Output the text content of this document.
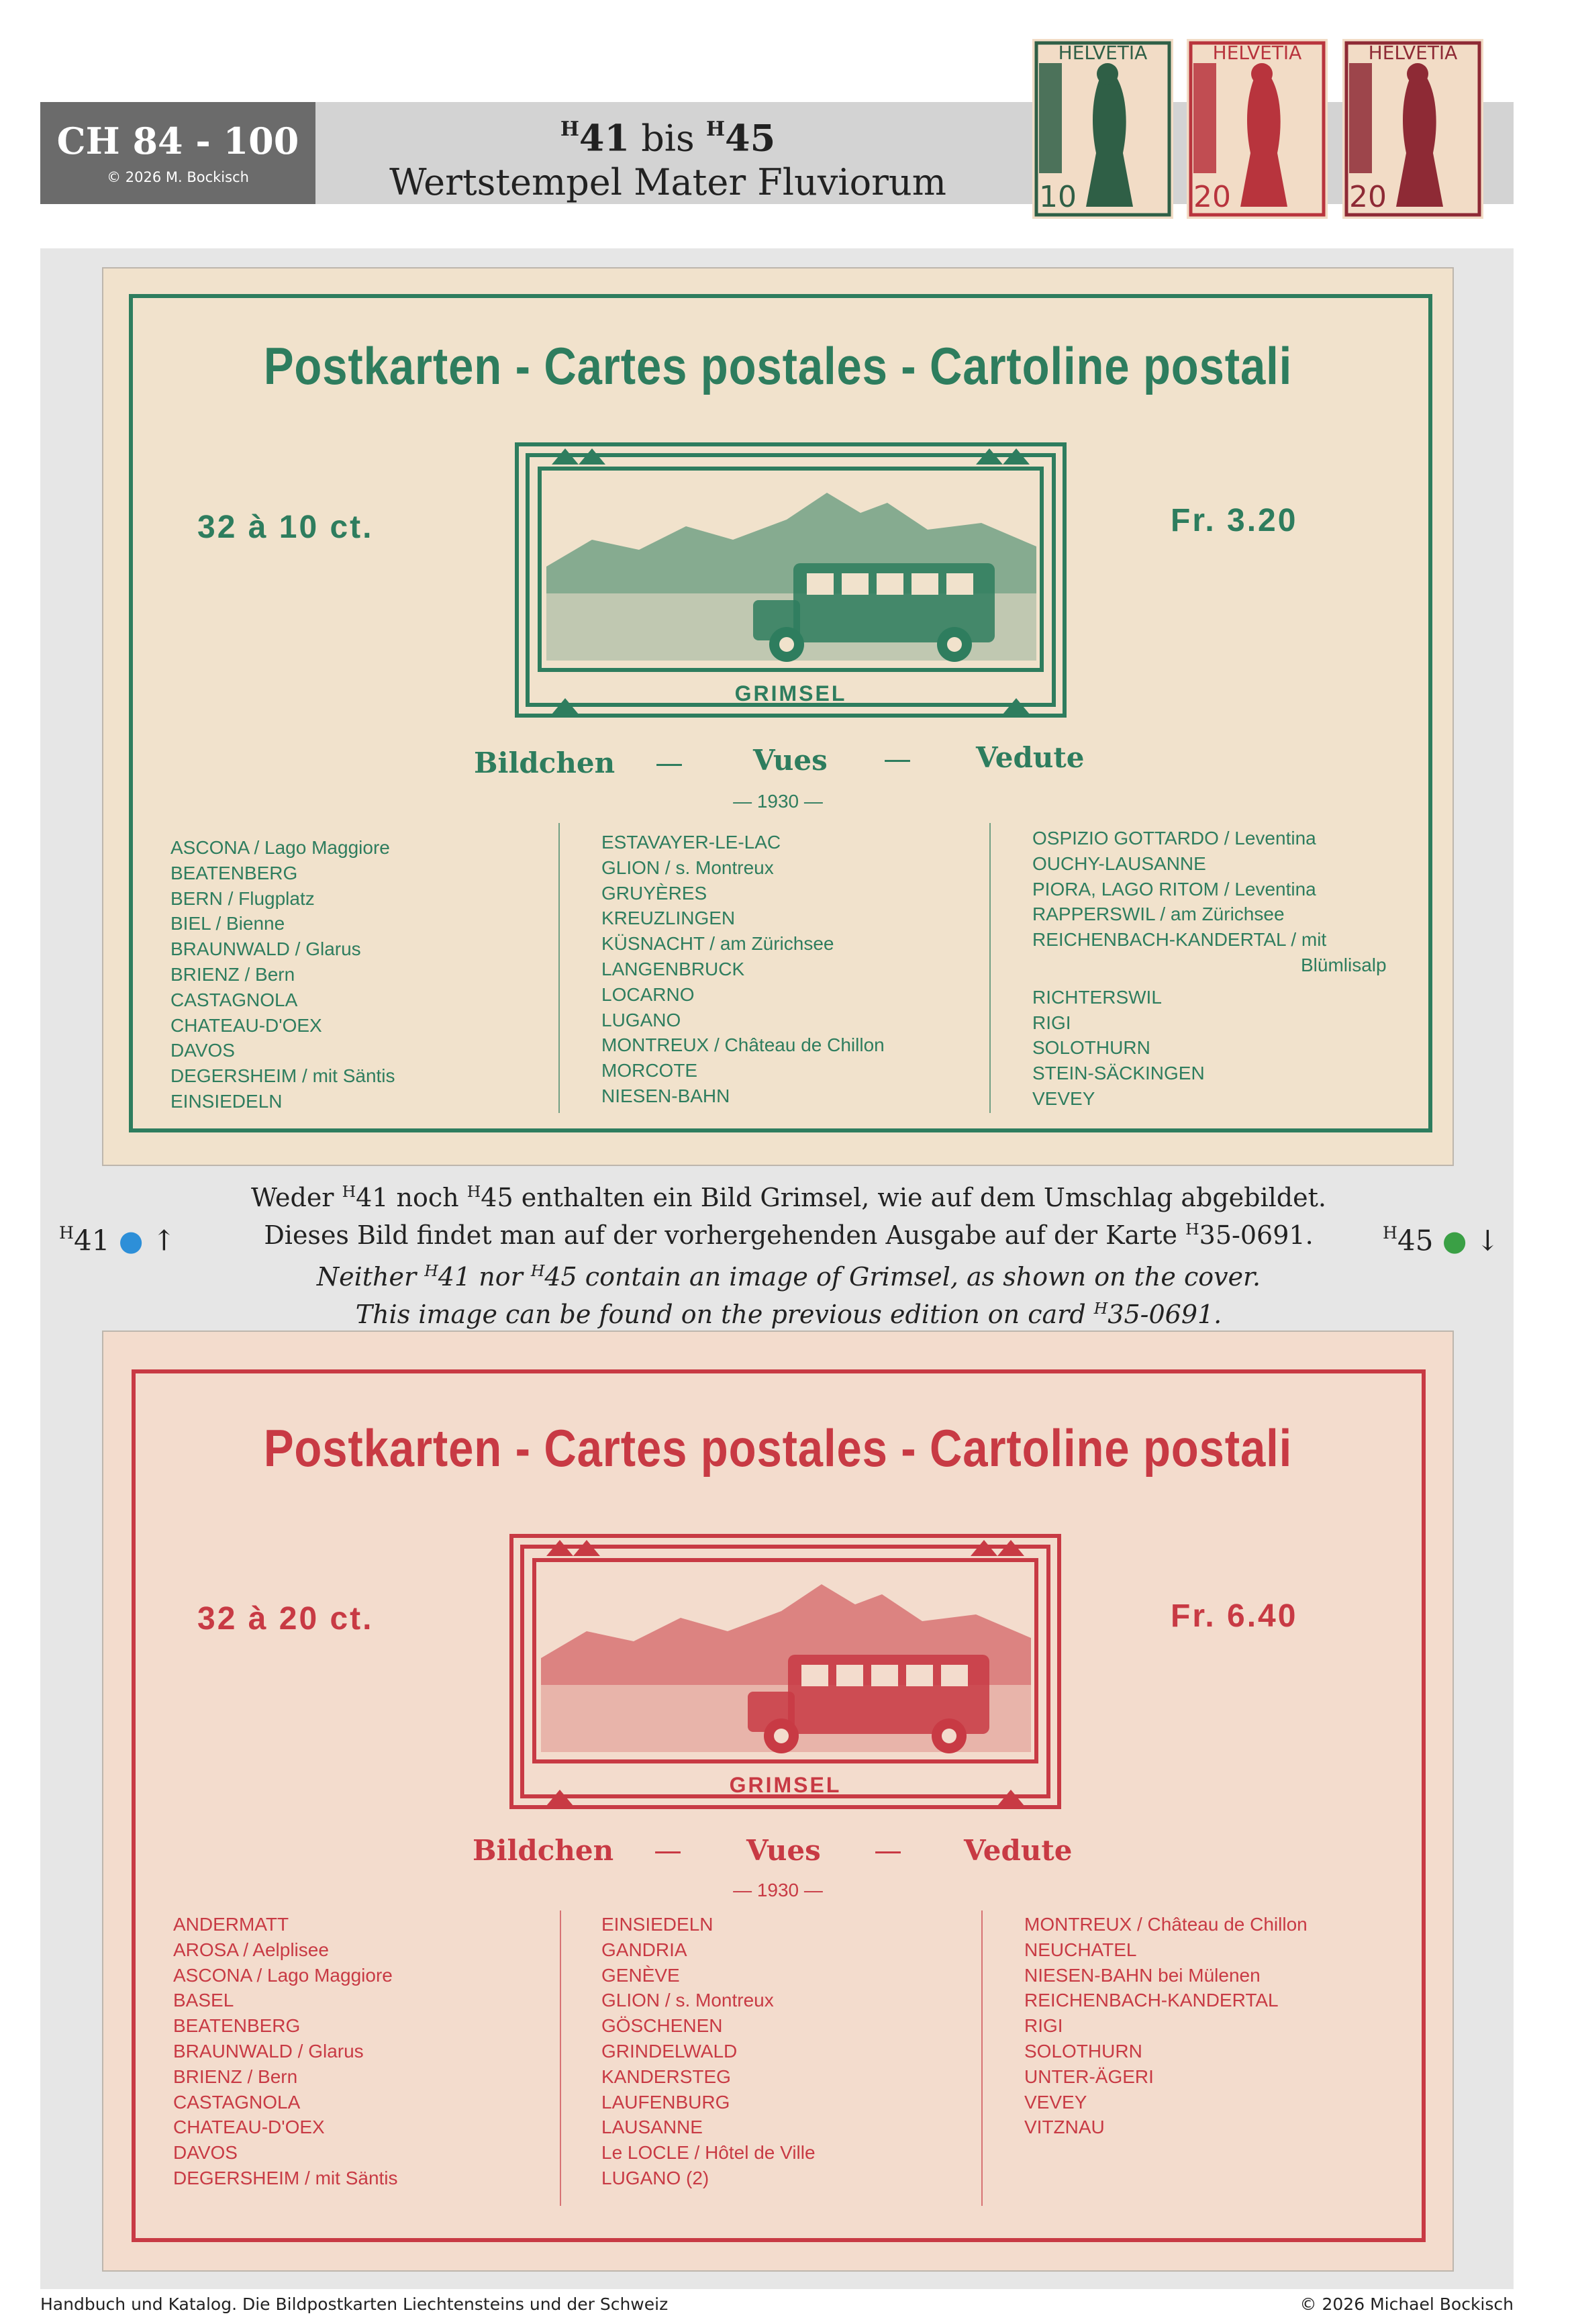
CH 84 - 100
© 2026 M. Bockisch
$^H$41 bis $^H$45
Wertstempel Mater Fluviorum
HELVETIA
10
HELVETIA
20
HELVETIA
20
Postkarten - Cartes postales - Cartoline postali
32 à 10 ct.	Fr. 3.20
GRIMSEL
Bildchen — Vues — Vedute
— 1930 —
ASCONA / Lago Maggiore
BEATENBERG
BERN / Flugplatz
BIEL / Bienne
BRAUNWALD / Glarus
BRIENZ / Bern
CASTAGNOLA
CHATEAU-D'OEX
DAVOS
DEGERSHEIM / mit Säntis
EINSIEDELN
ESTAVAYER-LE-LAC
GLION / s. Montreux
GRUYÈRES
KREUZLINGEN
KÜSNACHT / am Zürichsee
LANGENBRUCK
LOCARNO
LUGANO
MONTREUX / Château de Chillon
MORCOTE
NIESEN-BAHN
OSPIZIO GOTTARDO / Leventina
OUCHY-LAUSANNE
PIORA, LAGO RITOM / Leventina
RAPPERSWIL / am Zürichsee
REICHENBACH-KANDERTAL / mit
Blümlisalp
RICHTERSWIL
RIGI
SOLOTHURN
STEIN-SÄCKINGEN
VEVEY
Weder $^H$41 noch $^H$45 enthalten ein Bild Grimsel, wie auf dem Umschlag abgebildet.
Dieses Bild findet man auf der vorhergehenden Ausgabe auf der Karte $^H$35-0691.
Neither $^H$41 nor $^H$45 contain an image of Grimsel, as shown on the cover.
This image can be found on the previous edition on card $^H$35-0691.
$^H$41 ● ↑	$^H$45 ● ↓
Postkarten - Cartes postales - Cartoline postali
32 à 20 ct.	Fr. 6.40
GRIMSEL
Bildchen — Vues — Vedute
— 1930 —
ANDERMATT
AROSA / Aelplisee
ASCONA / Lago Maggiore
BASEL
BEATENBERG
BRAUNWALD / Glarus
BRIENZ / Bern
CASTAGNOLA
CHATEAU-D'OEX
DAVOS
DEGERSHEIM / mit Säntis
EINSIEDELN
GANDRIA
GENÈVE
GLION / s. Montreux
GÖSCHENEN
GRINDELWALD
KANDERSTEG
LAUFENBURG
LAUSANNE
Le LOCLE / Hôtel de Ville
LUGANO (2)
MONTREUX / Château de Chillon
NEUCHATEL
NIESEN-BAHN bei Mülenen
REICHENBACH-KANDERTAL
RIGI
SOLOTHURN
UNTER-ÄGERI
VEVEY
VITZNAU
Handbuch und Katalog. Die Bildpostkarten Liechtensteins und der Schweiz	© 2026 Michael Bockisch
